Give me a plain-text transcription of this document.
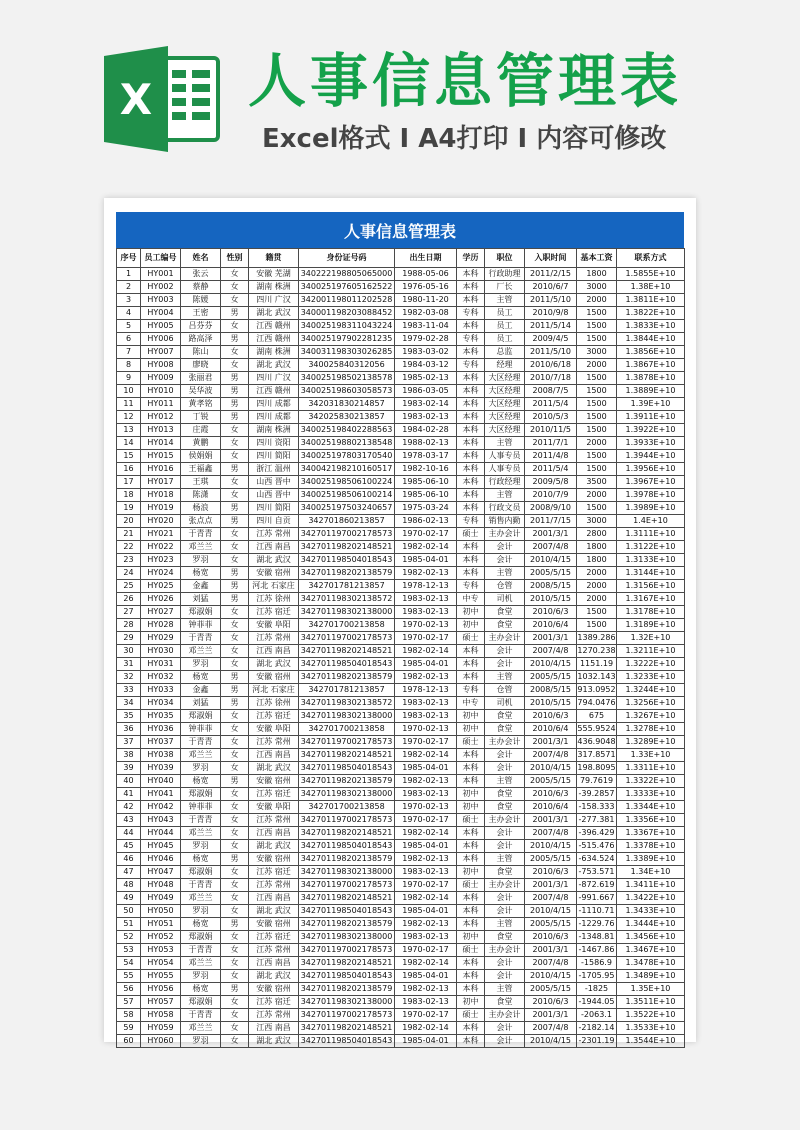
X 人事信息管理表
Excel格式 I A4打印 I 内容可修改
人事信息管理表
序号	员工编号	姓名	性别	籍贯	身份证号码	出生日期	学历	职位	入职时间	基本工资	联系方式
1	HY001	张云	女	安徽 芜湖	340222198805065000	1988-05-06	本科	行政助理	2011/2/15	1800	1.5855E+10
2	HY002	蔡静	女	湖南 株洲	340025197605162522	1976-05-16	本科	厂长	2010/6/7	3000	1.38E+10
3	HY003	陈媛	女	四川 广汉	342001198011202528	1980-11-20	本科	主管	2011/5/10	2000	1.3811E+10
4	HY004	王密	男	湖北 武汉	340001198203088452	1982-03-08	专科	员工	2010/9/8	1500	1.3822E+10
5	HY005	吕芬芬	女	江西 赣州	340025198311043224	1983-11-04	本科	员工	2011/5/14	1500	1.3833E+10
6	HY006	路高泽	男	江西 赣州	340025197902281235	1979-02-28	专科	员工	2009/4/5	1500	1.3844E+10
7	HY007	陈山	女	湖南 株洲	340031198303026285	1983-03-02	本科	总监	2011/5/10	3000	1.3856E+10
8	HY008	廖晓	女	湖北 武汉	340025840312056	1984-03-12	专科	经理	2010/6/18	2000	1.3867E+10
9	HY009	张丽君	男	四川 广汉	340025198502138578	1985-02-13	本科	大区经理	2010/7/18	1500	1.3878E+10
10	HY010	吴华波	男	江西 赣州	340025198603058573	1986-03-05	本科	大区经理	2008/7/5	1500	1.3889E+10
11	HY011	黄孝铭	男	四川 成都	342031830214857	1983-02-14	本科	大区经理	2011/5/4	1500	1.39E+10
12	HY012	丁锐	男	四川 成都	342025830213857	1983-02-13	本科	大区经理	2010/5/3	1500	1.3911E+10
13	HY013	庄霞	女	湖南 株洲	340025198402288563	1984-02-28	本科	大区经理	2010/11/5	1500	1.3922E+10
14	HY014	黄鹏	女	四川 资阳	340025198802138548	1988-02-13	本科	主管	2011/7/1	2000	1.3933E+10
15	HY015	侯娟娟	女	四川 简阳	340025197803170540	1978-03-17	本科	人事专员	2011/4/8	1500	1.3944E+10
16	HY016	王福鑫	男	浙江 温州	340042198210160517	1982-10-16	本科	人事专员	2011/5/4	1500	1.3956E+10
17	HY017	王琪	女	山西 晋中	340025198506100224	1985-06-10	本科	行政经理	2009/5/8	3500	1.3967E+10
18	HY018	陈潇	女	山西 晋中	340025198506100214	1985-06-10	本科	主管	2010/7/9	2000	1.3978E+10
19	HY019	杨浪	男	四川 简阳	340025197503240657	1975-03-24	本科	行政文员	2008/9/10	1500	1.3989E+10
20	HY020	张点点	男	四川 自贡	342701860213857	1986-02-13	专科	销售内勤	2011/7/15	3000	1.4E+10
21	HY021	于青青	女	江苏 常州	342701197002178573	1970-02-17	硕士	主办会计	2001/3/1	2800	1.3111E+10
22	HY022	邓兰兰	女	江西 南昌	342701198202148521	1982-02-14	本科	会计	2007/4/8	1800	1.3122E+10
23	HY023	罗羽	女	湖北 武汉	342701198504018543	1985-04-01	本科	会计	2010/4/15	1800	1.3133E+10
24	HY024	杨宽	男	安徽 宿州	342701198202138579	1982-02-13	本科	主管	2005/5/15	2000	1.3144E+10
25	HY025	金鑫	男	河北 石家庄	342701781213857	1978-12-13	专科	仓管	2008/5/15	2000	1.3156E+10
26	HY026	刘猛	男	江苏 徐州	342701198302138572	1983-02-13	中专	司机	2010/5/15	2000	1.3167E+10
27	HY027	郑淑娟	女	江苏 宿迁	342701198302138000	1983-02-13	初中	食堂	2010/6/3	1500	1.3178E+10
28	HY028	钟菲菲	女	安徽 阜阳	342701700213858	1970-02-13	初中	食堂	2010/6/4	1500	1.3189E+10
29	HY029	于青青	女	江苏 常州	342701197002178573	1970-02-17	硕士	主办会计	2001/3/1	1389.286	1.32E+10
30	HY030	邓兰兰	女	江西 南昌	342701198202148521	1982-02-14	本科	会计	2007/4/8	1270.238	1.3211E+10
31	HY031	罗羽	女	湖北 武汉	342701198504018543	1985-04-01	本科	会计	2010/4/15	1151.19	1.3222E+10
32	HY032	杨宽	男	安徽 宿州	342701198202138579	1982-02-13	本科	主管	2005/5/15	1032.143	1.3233E+10
33	HY033	金鑫	男	河北 石家庄	342701781213857	1978-12-13	专科	仓管	2008/5/15	913.0952	1.3244E+10
34	HY034	刘猛	男	江苏 徐州	342701198302138572	1983-02-13	中专	司机	2010/5/15	794.0476	1.3256E+10
35	HY035	郑淑娟	女	江苏 宿迁	342701198302138000	1983-02-13	初中	食堂	2010/6/3	675	1.3267E+10
36	HY036	钟菲菲	女	安徽 阜阳	342701700213858	1970-02-13	初中	食堂	2010/6/4	555.9524	1.3278E+10
37	HY037	于青青	女	江苏 常州	342701197002178573	1970-02-17	硕士	主办会计	2001/3/1	436.9048	1.3289E+10
38	HY038	邓兰兰	女	江西 南昌	342701198202148521	1982-02-14	本科	会计	2007/4/8	317.8571	1.33E+10
39	HY039	罗羽	女	湖北 武汉	342701198504018543	1985-04-01	本科	会计	2010/4/15	198.8095	1.3311E+10
40	HY040	杨宽	男	安徽 宿州	342701198202138579	1982-02-13	本科	主管	2005/5/15	79.7619	1.3322E+10
41	HY041	郑淑娟	女	江苏 宿迁	342701198302138000	1983-02-13	初中	食堂	2010/6/3	-39.2857	1.3333E+10
42	HY042	钟菲菲	女	安徽 阜阳	342701700213858	1970-02-13	初中	食堂	2010/6/4	-158.333	1.3344E+10
43	HY043	于青青	女	江苏 常州	342701197002178573	1970-02-17	硕士	主办会计	2001/3/1	-277.381	1.3356E+10
44	HY044	邓兰兰	女	江西 南昌	342701198202148521	1982-02-14	本科	会计	2007/4/8	-396.429	1.3367E+10
45	HY045	罗羽	女	湖北 武汉	342701198504018543	1985-04-01	本科	会计	2010/4/15	-515.476	1.3378E+10
46	HY046	杨宽	男	安徽 宿州	342701198202138579	1982-02-13	本科	主管	2005/5/15	-634.524	1.3389E+10
47	HY047	郑淑娟	女	江苏 宿迁	342701198302138000	1983-02-13	初中	食堂	2010/6/3	-753.571	1.34E+10
48	HY048	于青青	女	江苏 常州	342701197002178573	1970-02-17	硕士	主办会计	2001/3/1	-872.619	1.3411E+10
49	HY049	邓兰兰	女	江西 南昌	342701198202148521	1982-02-14	本科	会计	2007/4/8	-991.667	1.3422E+10
50	HY050	罗羽	女	湖北 武汉	342701198504018543	1985-04-01	本科	会计	2010/4/15	-1110.71	1.3433E+10
51	HY051	杨宽	男	安徽 宿州	342701198202138579	1982-02-13	本科	主管	2005/5/15	-1229.76	1.3444E+10
52	HY052	郑淑娟	女	江苏 宿迁	342701198302138000	1983-02-13	初中	食堂	2010/6/3	-1348.81	1.3456E+10
53	HY053	于青青	女	江苏 常州	342701197002178573	1970-02-17	硕士	主办会计	2001/3/1	-1467.86	1.3467E+10
54	HY054	邓兰兰	女	江西 南昌	342701198202148521	1982-02-14	本科	会计	2007/4/8	-1586.9	1.3478E+10
55	HY055	罗羽	女	湖北 武汉	342701198504018543	1985-04-01	本科	会计	2010/4/15	-1705.95	1.3489E+10
56	HY056	杨宽	男	安徽 宿州	342701198202138579	1982-02-13	本科	主管	2005/5/15	-1825	1.35E+10
57	HY057	郑淑娟	女	江苏 宿迁	342701198302138000	1983-02-13	初中	食堂	2010/6/3	-1944.05	1.3511E+10
58	HY058	于青青	女	江苏 常州	342701197002178573	1970-02-17	硕士	主办会计	2001/3/1	-2063.1	1.3522E+10
59	HY059	邓兰兰	女	江西 南昌	342701198202148521	1982-02-14	本科	会计	2007/4/8	-2182.14	1.3533E+10
60	HY060	罗羽	女	湖北 武汉	342701198504018543	1985-04-01	本科	会计	2010/4/15	-2301.19	1.3544E+10
